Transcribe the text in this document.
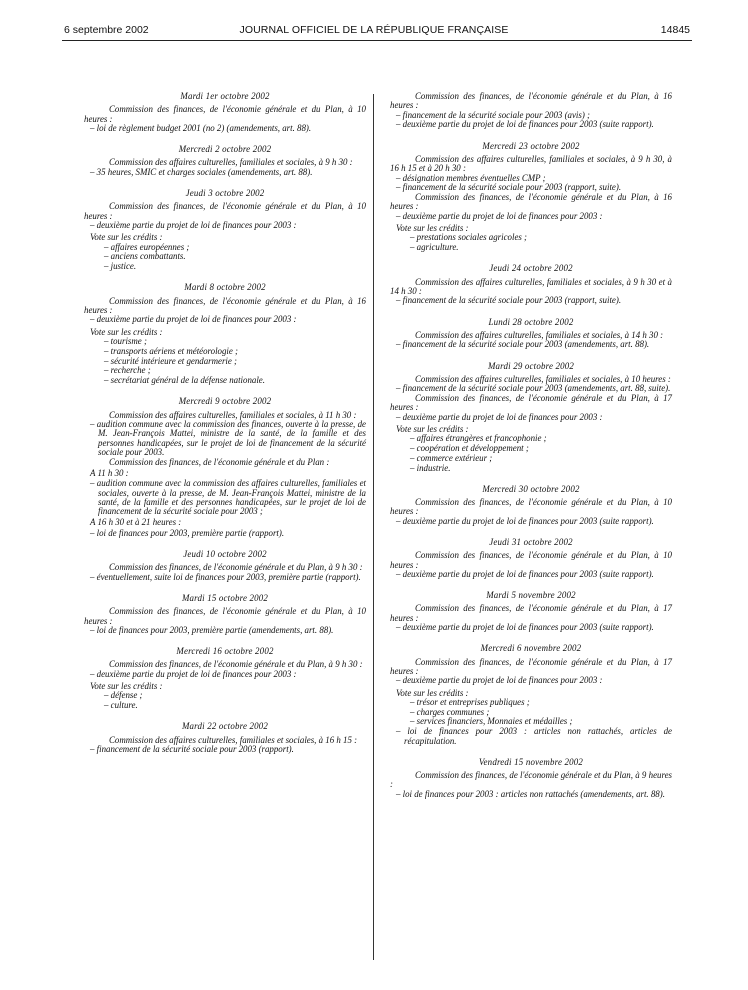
6 septembre 2002	JOURNAL OFFICIEL DE LA RÉPUBLIQUE FRANÇAISE	14845
Mardi 1er octobre 2002
Commission des finances, de l'économie générale et du Plan, à 10 heures :
– loi de règlement budget 2001 (no 2) (amendements, art. 88).
Mercredi 2 octobre 2002
Commission des affaires culturelles, familiales et sociales, à 9 h 30 :
– 35 heures, SMIC et charges sociales (amendements, art. 88).
Jeudi 3 octobre 2002
Commission des finances, de l'économie générale et du Plan, à 10 heures :
– deuxième partie du projet de loi de finances pour 2003 :
Vote sur les crédits :
– affaires européennes ;
– anciens combattants.
– justice.
Mardi 8 octobre 2002
Commission des finances, de l'économie générale et du Plan, à 16 heures :
– deuxième partie du projet de loi de finances pour 2003 :
Vote sur les crédits :
– tourisme ;
– transports aériens et météorologie ;
– sécurité intérieure et gendarmerie ;
– recherche ;
– secrétariat général de la défense nationale.
Mercredi 9 octobre 2002
Commission des affaires culturelles, familiales et sociales, à 11 h 30 :
– audition commune avec la commission des finances, ouverte à la presse, de M. Jean-François Mattei, ministre de la santé, de la famille et des personnes handicapées, sur le projet de loi de financement de la sécurité sociale pour 2003.
Commission des finances, de l'économie générale et du Plan :
A 11 h 30 :
– audition commune avec la commission des affaires culturelles, familiales et sociales, ouverte à la presse, de M. Jean-François Mattei, ministre de la santé, de la famille et des personnes handicapées, sur le projet de loi de financement de la sécurité sociale pour 2003 ;
A 16 h 30 et à 21 heures :
– loi de finances pour 2003, première partie (rapport).
Jeudi 10 octobre 2002
Commission des finances, de l'économie générale et du Plan, à 9 h 30 :
– éventuellement, suite loi de finances pour 2003, première partie (rapport).
Mardi 15 octobre 2002
Commission des finances, de l'économie générale et du Plan, à 10 heures :
– loi de finances pour 2003, première partie (amendements, art. 88).
Mercredi 16 octobre 2002
Commission des finances, de l'économie générale et du Plan, à 9 h 30 :
– deuxième partie du projet de loi de finances pour 2003 :
Vote sur les crédits :
– défense ;
– culture.
Mardi 22 octobre 2002
Commission des affaires culturelles, familiales et sociales, à 16 h 15 :
– financement de la sécurité sociale pour 2003 (rapport).
Commission des finances, de l'économie générale et du Plan, à 16 heures :
– financement de la sécurité sociale pour 2003 (avis) ;
– deuxième partie du projet de loi de finances pour 2003 (suite rapport).
Mercredi 23 octobre 2002
Commission des affaires culturelles, familiales et sociales, à 9 h 30, à 16 h 15 et à 20 h 30 :
– désignation membres éventuelles CMP ;
– financement de la sécurité sociale pour 2003 (rapport, suite).
Commission des finances, de l'économie générale et du Plan, à 16 heures :
– deuxième partie du projet de loi de finances pour 2003 :
Vote sur les crédits :
– prestations sociales agricoles ;
– agriculture.
Jeudi 24 octobre 2002
Commission des affaires culturelles, familiales et sociales, à 9 h 30 et à 14 h 30 :
– financement de la sécurité sociale pour 2003 (rapport, suite).
Lundi 28 octobre 2002
Commission des affaires culturelles, familiales et sociales, à 14 h 30 :
– financement de la sécurité sociale pour 2003 (amendements, art. 88).
Mardi 29 octobre 2002
Commission des affaires culturelles, familiales et sociales, à 10 heures :
– financement de la sécurité sociale pour 2003 (amendements, art. 88, suite).
Commission des finances, de l'économie générale et du Plan, à 17 heures :
– deuxième partie du projet de loi de finances pour 2003 :
Vote sur les crédits :
– affaires étrangères et francophonie ;
– coopération et développement ;
– commerce extérieur ;
– industrie.
Mercredi 30 octobre 2002
Commission des finances, de l'économie générale et du Plan, à 10 heures :
– deuxième partie du projet de loi de finances pour 2003 (suite rapport).
Jeudi 31 octobre 2002
Commission des finances, de l'économie générale et du Plan, à 10 heures :
– deuxième partie du projet de loi de finances pour 2003 (suite rapport).
Mardi 5 novembre 2002
Commission des finances, de l'économie générale et du Plan, à 17 heures :
– deuxième partie du projet de loi de finances pour 2003 (suite rapport).
Mercredi 6 novembre 2002
Commission des finances, de l'économie générale et du Plan, à 17 heures :
– deuxième partie du projet de loi de finances pour 2003 :
Vote sur les crédits :
– trésor et entreprises publiques ;
– charges communes ;
– services financiers, Monnaies et médailles ;
– loi de finances pour 2003 : articles non rattachés, articles de récapitulation.
Vendredi 15 novembre 2002
Commission des finances, de l'économie générale et du Plan, à 9 heures :
– loi de finances pour 2003 : articles non rattachés (amendements, art. 88).
